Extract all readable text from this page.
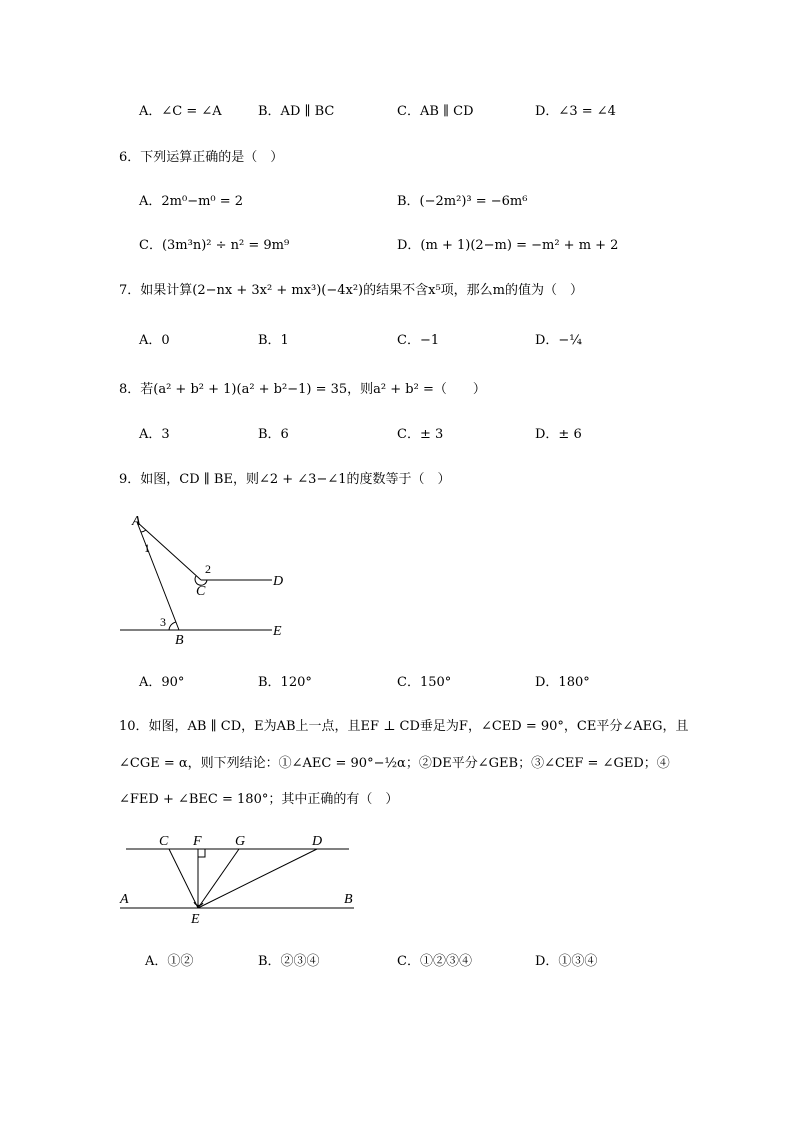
A．∠C = ∠A	B．AD ∥ BC	C．AB ∥ CD	D．∠3 = ∠4
6．下列运算正确的是（　）
A．2m⁰−m⁰ = 2	B．(−2m²)³ = −6m⁶
C．(3m³n)² ÷ n² = 9m⁹	D．(m + 1)(2−m) = −m² + m + 2
7．如果计算(2−nx + 3x² + mx³)(−4x²)的结果不含x⁵项，那么m的值为（　）
A．0	B．1	C．−1	D．−¼
8．若(a² + b² + 1)(a² + b²−1) = 35，则a² + b² =（　　）
A．3	B．6	C．± 3	D．± 6
9．如图，CD ∥ BE，则∠2 + ∠3−∠1的度数等于（　）
A
1
2
C
D
3
B
E
A．90°	B．120°	C．150°	D．180°
10．如图，AB ∥ CD，E为AB上一点，且EF ⊥ CD垂足为F，∠CED = 90°，CE平分∠AEG，且
∠CGE = α，则下列结论：①∠AEC = 90°−½α；②DE平分∠GEB；③∠CEF = ∠GED；④
∠FED + ∠BEC = 180°；其中正确的有（　）
C F G	D
A	B
E
A．①②	B．②③④	C．①②③④	D．①③④
